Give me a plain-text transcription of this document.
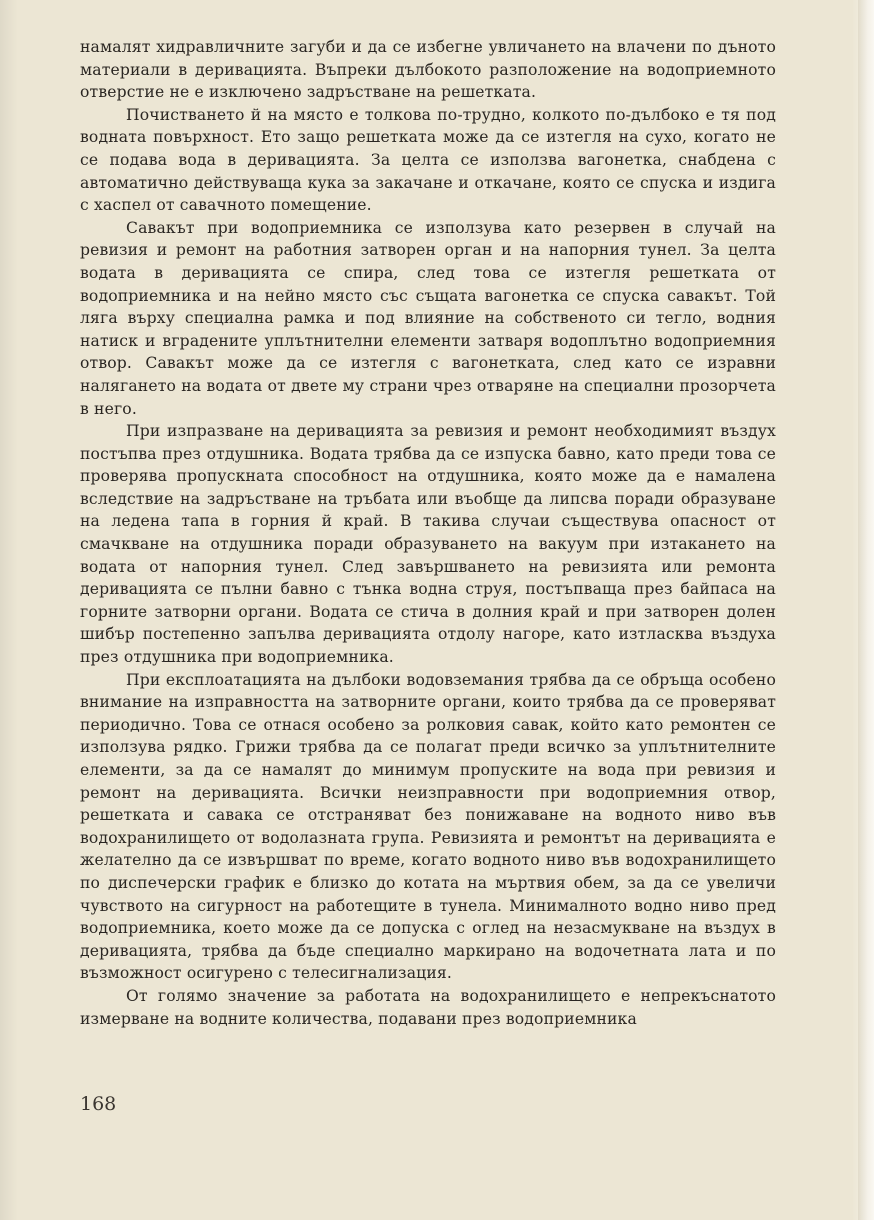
намалят хидравличните загуби и да се избегне увличането на влачени по дъното материали в деривацията. Въпреки дълбокото разположение на водоприемното отверстие не е изключено задръстване на решетката.

Почистването й на място е толкова по-трудно, колкото по-дълбоко е тя под водната повърхност. Ето защо решетката може да се изтегля на сухо, когато не се подава вода в деривацията. За целта се използва вагонетка, снабдена с автоматично действуваща кука за закачане и откачане, която се спуска и издига с хаспел от савачното помещение.

Савакът при водоприемника се използува като резервен в случай на ревизия и ремонт на работния затворен орган и на напорния тунел. За целта водата в деривацията се спира, след това се изтегля решетката от водоприемника и на нейно място със същата вагонетка се спуска савакът. Той ляга върху специална рамка и под влияние на собственото си тегло, водния натиск и вградените уплътнителни елементи затваря водоплътно водоприемния отвор. Савакът може да се изтегля с вагонетката, след като се изравни налягането на водата от двете му страни чрез отваряне на специални прозорчета в него.

При изпразване на деривацията за ревизия и ремонт необходимият въздух постъпва през отдушника. Водата трябва да се изпуска бавно, като преди това се проверява пропускната способност на отдушника, която може да е намалена вследствие на задръстване на тръбата или въобще да липсва поради образуване на ледена тапа в горния й край. В такива случаи съществува опасност от смачкване на отдушника поради образуването на вакуум при изтакането на водата от напорния тунел. След завършването на ревизията или ремонта деривацията се пълни бавно с тънка водна струя, постъпваща през байпаса на горните затворни органи. Водата се стича в долния край и при затворен долен шибър постепенно запълва деривацията отдолу нагоре, като изтласква въздуха през отдушника при водоприемника.

При експлоатацията на дълбоки водовземания трябва да се обръща особено внимание на изправността на затворните органи, които трябва да се проверяват периодично. Това се отнася особено за ролковия савак, който като ремонтен се използува рядко. Грижи трябва да се полагат преди всичко за уплътнителните елементи, за да се намалят до минимум пропуските на вода при ревизия и ремонт на деривацията. Всички неизправности при водоприемния отвор, решетката и савака се отстраняват без понижаване на водното ниво във водохранилището от водолазната група. Ревизията и ремонтът на деривацията е желателно да се извършват по време, когато водното ниво във водохранилището по диспечерски график е близко до котата на мъртвия обем, за да се увеличи чувството на сигурност на работещите в тунела. Минималното водно ниво пред водоприемника, което може да се допуска с оглед на незасмукване на въздух в деривацията, трябва да бъде специално маркирано на водочетната лата и по възможност осигурено с телесигнализация.

От голямо значение за работата на водохранилището е непрекъснатото измерване на водните количества, подавани през водоприемника

168
